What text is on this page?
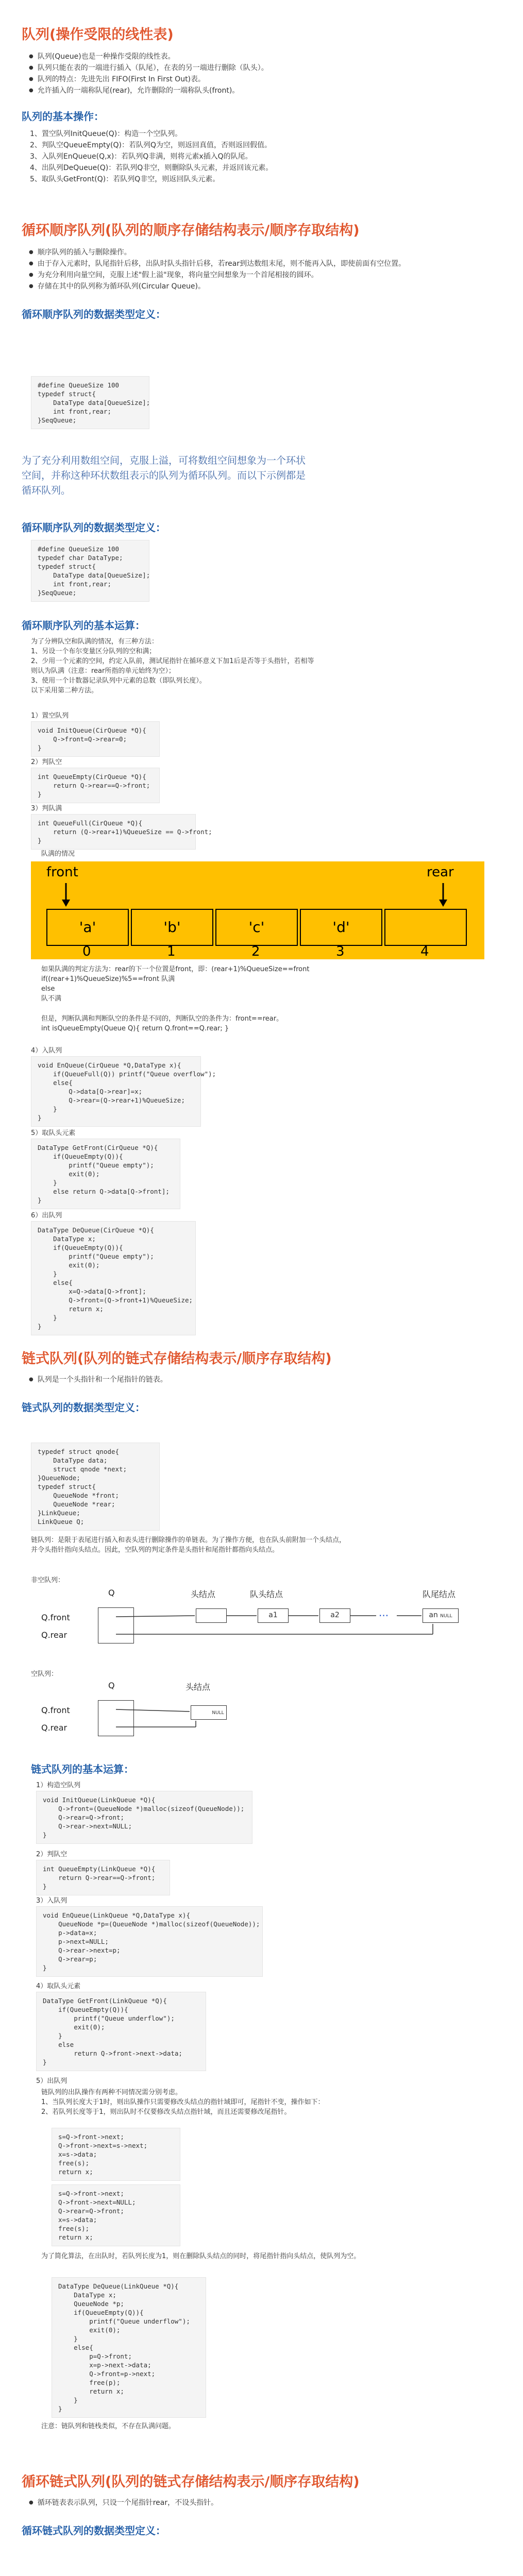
队列(操作受限的线性表)
● 队列(Queue)也是一种操作受限的线性表。
● 队列只能在表的一端进行插入（队尾），在表的另一端进行删除（队头）。
● 队列的特点：先进先出 FIFO(First In First Out)表。
● 允许插入的一端称队尾(rear)，允许删除的一端称队头(front)。
队列的基本操作：
1、置空队列InitQueue(Q)：构造一个空队列。
2、判队空QueueEmpty(Q)：若队列Q为空，则返回真值，否则返回假值。
3、入队列EnQueue(Q,x)：若队列Q非满，则将元素x插入Q的队尾。
4、出队列DeQueue(Q)：若队列Q非空，则删除队头元素，并返回该元素。
5、取队头GetFront(Q)：若队列Q非空，则返回队头元素。
循环顺序队列(队列的顺序存储结构表示/顺序存取结构)
● 顺序队列的插入与删除操作。
● 由于存入元素时，队尾指针后移，出队时队头指针后移，若rear到达数组末尾，则不能再入队，即使前面有空位置。
● 为充分利用向量空间，克服上述"假上溢"现象，将向量空间想象为一个首尾相接的圆环。
● 存储在其中的队列称为循环队列(Circular Queue)。
循环顺序队列的数据类型定义：
#define QueueSize 100
typedef struct{
DataType data[QueueSize];
int front,rear;
}SeqQueue;
为了充分利用数组空间，克服上溢，可将数组空间想象为一个环状空间，并称这种环状数组表示的队列为循环队列。而以下示例都是循环队列。
循环顺序队列的数据类型定义：
#define QueueSize 100
typedef char DataType;
typedef struct{
DataType data[QueueSize];
int front,rear;
}SeqQueue;
循环顺序队列的基本运算：
为了分辨队空和队满的情况，有三种方法：
1、另设一个布尔变量区分队列的空和满；
2、少用一个元素的空间，约定入队前，测试尾指针在循环意义下加1后是否等于头指针，若相等则认为队满（注意：rear所指的单元始终为空）；
3、使用一个计数器记录队列中元素的总数（即队列长度）。
以下采用第二种方法。
1）置空队列
void InitQueue(CirQueue *Q){
Q->front=Q->rear=0;
}
2）判队空
int QueueEmpty(CirQueue *Q){
return Q->rear==Q->front;
}
3）判队满
int QueueFull(CirQueue *Q){
return (Q->rear+1)%QueueSize == Q->front;
}
队满的情况
front	rear
'a'
0
'b'
1
'c'
2
'd'
3	4
如果队满的判定方法为：rear的下一个位置是front，即：(rear+1)%QueueSize==front
if((rear+1)%QueueSize)%5==front 队满
else
队不满
但是，判断队满和判断队空的条件是不同的，判断队空的条件为：front==rear。
int isQueueEmpty(Queue Q){ return Q.front==Q.rear; }
4）入队列
void EnQueue(CirQueue *Q,DataType x){
if(QueueFull(Q)) printf("Queue overflow");
else{
Q->data[Q->rear]=x;
Q->rear=(Q->rear+1)%QueueSize;
}
}
5）取队头元素
DataType GetFront(CirQueue *Q){
if(QueueEmpty(Q)){
printf("Queue empty");
exit(0);
}
else return Q->data[Q->front];
}
6）出队列
DataType DeQueue(CirQueue *Q){
DataType x;
if(QueueEmpty(Q)){
printf("Queue empty");
exit(0);
}
else{
x=Q->data[Q->front];
Q->front=(Q->front+1)%QueueSize;
return x;
}
}
链式队列(队列的链式存储结构表示/顺序存取结构)
● 队列是一个头指针和一个尾指针的链表。
链式队列的数据类型定义：
typedef struct qnode{
DataType data;
struct qnode *next;
}QueueNode;
typedef struct{
QueueNode *front;
QueueNode *rear;
}LinkQueue;
LinkQueue Q;
链队列：是限于表尾进行插入和表头进行删除操作的单链表。为了操作方便，也在队头前附加一个头结点，并令头指针指向头结点。因此，空队列的判定条件是头指针和尾指针都指向头结点。
非空队列：
Q	头结点	队头结点	队尾结点
Q.front
Q.rear
a1	a2	···	an NULL
空队列：
Q	头结点
Q.front
Q.rear
NULL
链式队列的基本运算：
1）构造空队列
void InitQueue(LinkQueue *Q){
Q->front=(QueueNode *)malloc(sizeof(QueueNode));
Q->rear=Q->front;
Q->rear->next=NULL;
}
2）判队空
int QueueEmpty(LinkQueue *Q){
return Q->rear==Q->front;
}
3）入队列
void EnQueue(LinkQueue *Q,DataType x){
QueueNode *p=(QueueNode *)malloc(sizeof(QueueNode));
p->data=x;
p->next=NULL;
Q->rear->next=p;
Q->rear=p;
}
4）取队头元素
DataType GetFront(LinkQueue *Q){
if(QueueEmpty(Q)){
printf("Queue underflow");
exit(0);
}
else
return Q->front->next->data;
}
5）出队列
链队列的出队操作有两种不同情况需分别考虑。
1、当队列长度大于1时，则出队操作只需要修改头结点的指针域即可，尾指针不变，操作如下：
2、若队列长度等于1，则出队时不仅要修改头结点指针域，而且还需要修改尾指针。
s=Q->front->next;
Q->front->next=s->next;
x=s->data;
free(s);
return x;
s=Q->front->next;
Q->front->next=NULL;
Q->rear=Q->front;
x=s->data;
free(s);
return x;
为了简化算法，在出队时，若队列长度为1，则在删除队头结点的同时，将尾指针指向头结点，使队列为空。
DataType DeQueue(LinkQueue *Q){
DataType x;
QueueNode *p;
if(QueueEmpty(Q)){
printf("Queue underflow");
exit(0);
}
else{
p=Q->front;
x=p->next->data;
Q->front=p->next;
free(p);
return x;
}
}
注意：链队列和链栈类似，不存在队满问题。
循环链式队列(队列的链式存储结构表示/顺序存取结构)
● 循环链表表示队列，只设一个尾指针rear，不设头指针。
循环链式队列的数据类型定义：
